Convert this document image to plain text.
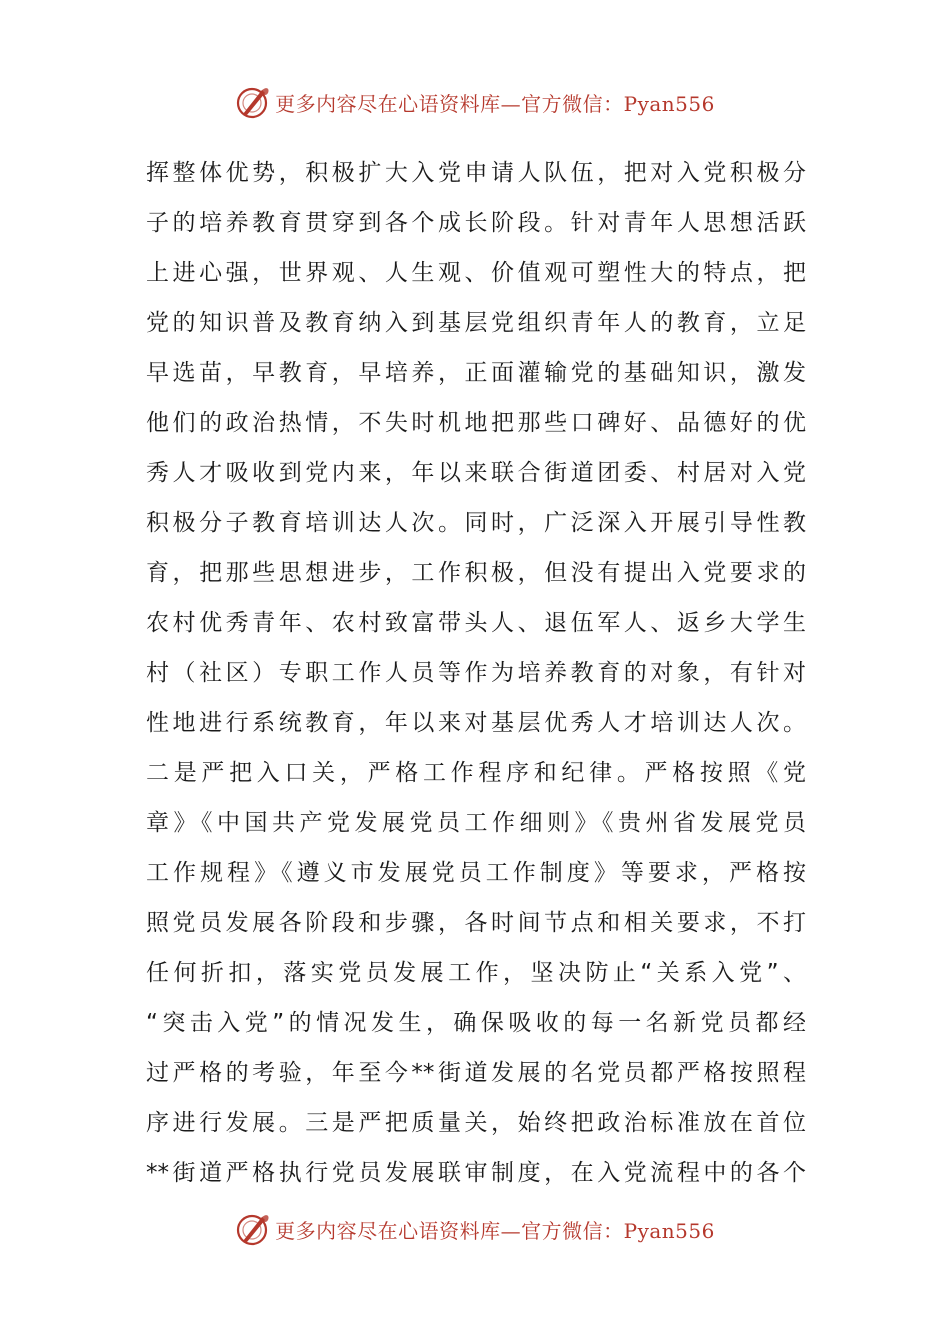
更多内容尽在心语资料库—官方微信：Pyan556
挥整体优势，积极扩大入党申请人队伍，把对入党积极分
子的培养教育贯穿到各个成长阶段。针对青年人思想活跃
上进心强，世界观、人生观、价值观可塑性大的特点，把
党的知识普及教育纳入到基层党组织青年人的教育，立足
早选苗，早教育，早培养，正面灌输党的基础知识，激发
他们的政治热情，不失时机地把那些口碑好、品德好的优
秀人才吸收到党内来，年以来联合街道团委、村居对入党
积极分子教育培训达人次。同时，广泛深入开展引导性教
育，把那些思想进步，工作积极，但没有提出入党要求的
农村优秀青年、农村致富带头人、退伍军人、返乡大学生
村（社区）专职工作人员等作为培养教育的对象，有针对
性地进行系统教育，年以来对基层优秀人才培训达人次。
二是严把入口关，严格工作程序和纪律。严格按照《党
章》《中国共产党发展党员工作细则》《贵州省发展党员
工作规程》《遵义市发展党员工作制度》等要求，严格按
照党员发展各阶段和步骤，各时间节点和相关要求，不打
任何折扣，落实党员发展工作，坚决防止“关系入党”、
“突击入党”的情况发生，确保吸收的每一名新党员都经
过严格的考验，年至今**街道发展的名党员都严格按照程
序进行发展。三是严把质量关，始终把政治标准放在首位
**街道严格执行党员发展联审制度，在入党流程中的各个
更多内容尽在心语资料库—官方微信：Pyan556
